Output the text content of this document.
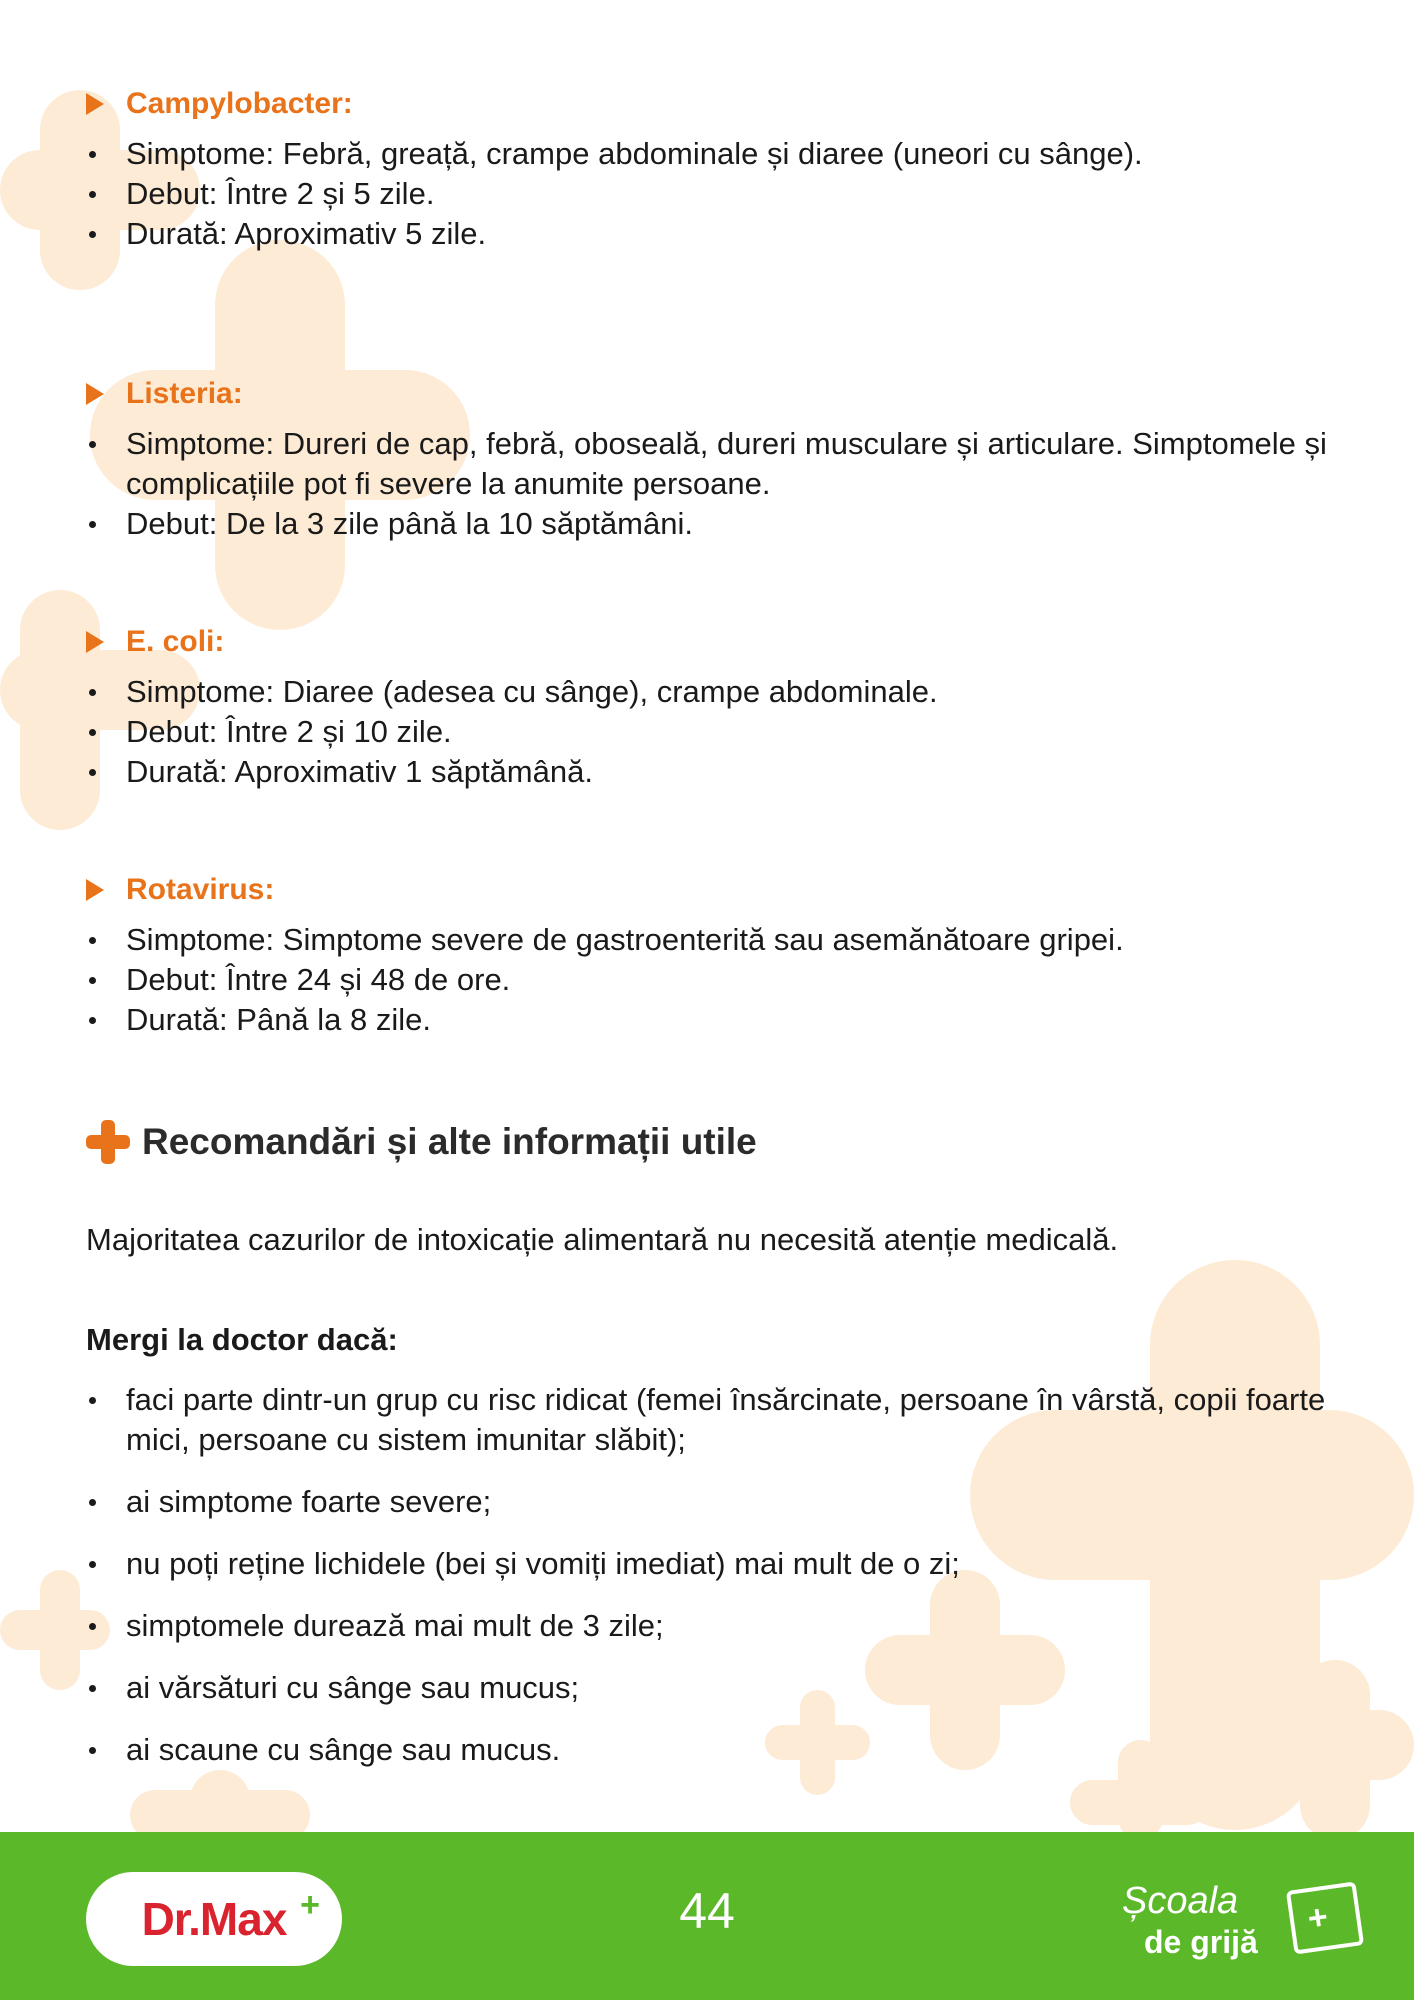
Campylobacter:
Simptome: Febră, greață, crampe abdominale și diaree (uneori cu sânge).
Debut: Între 2 și 5 zile.
Durată: Aproximativ 5 zile.
Listeria:
Simptome: Dureri de cap, febră, oboseală, dureri musculare și articulare. Simptomele și complicațiile pot fi severe la anumite persoane.
Debut: De la 3 zile până la 10 săptămâni.
E. coli:
Simptome: Diaree (adesea cu sânge), crampe abdominale.
Debut: Între 2 și 10 zile.
Durată: Aproximativ 1 săptămână.
Rotavirus:
Simptome: Simptome severe de gastroenterită sau asemănătoare gripei.
Debut: Între 24 și 48 de ore.
Durată: Până la 8 zile.
Recomandări și alte informații utile
Majoritatea cazurilor de intoxicație alimentară nu necesită atenție medicală.
Mergi la doctor dacă:
faci parte dintr-un grup cu risc ridicat (femei însărcinate, persoane în vârstă, copii foarte mici, persoane cu sistem imunitar slăbit);
ai simptome foarte severe;
nu poți reține lichidele (bei și vomiți imediat) mai mult de o zi;
simptomele durează mai mult de 3 zile;
ai vărsături cu sânge sau mucus;
ai scaune cu sânge sau mucus.
Dr.Max +	44	Școala
de grijă
+
